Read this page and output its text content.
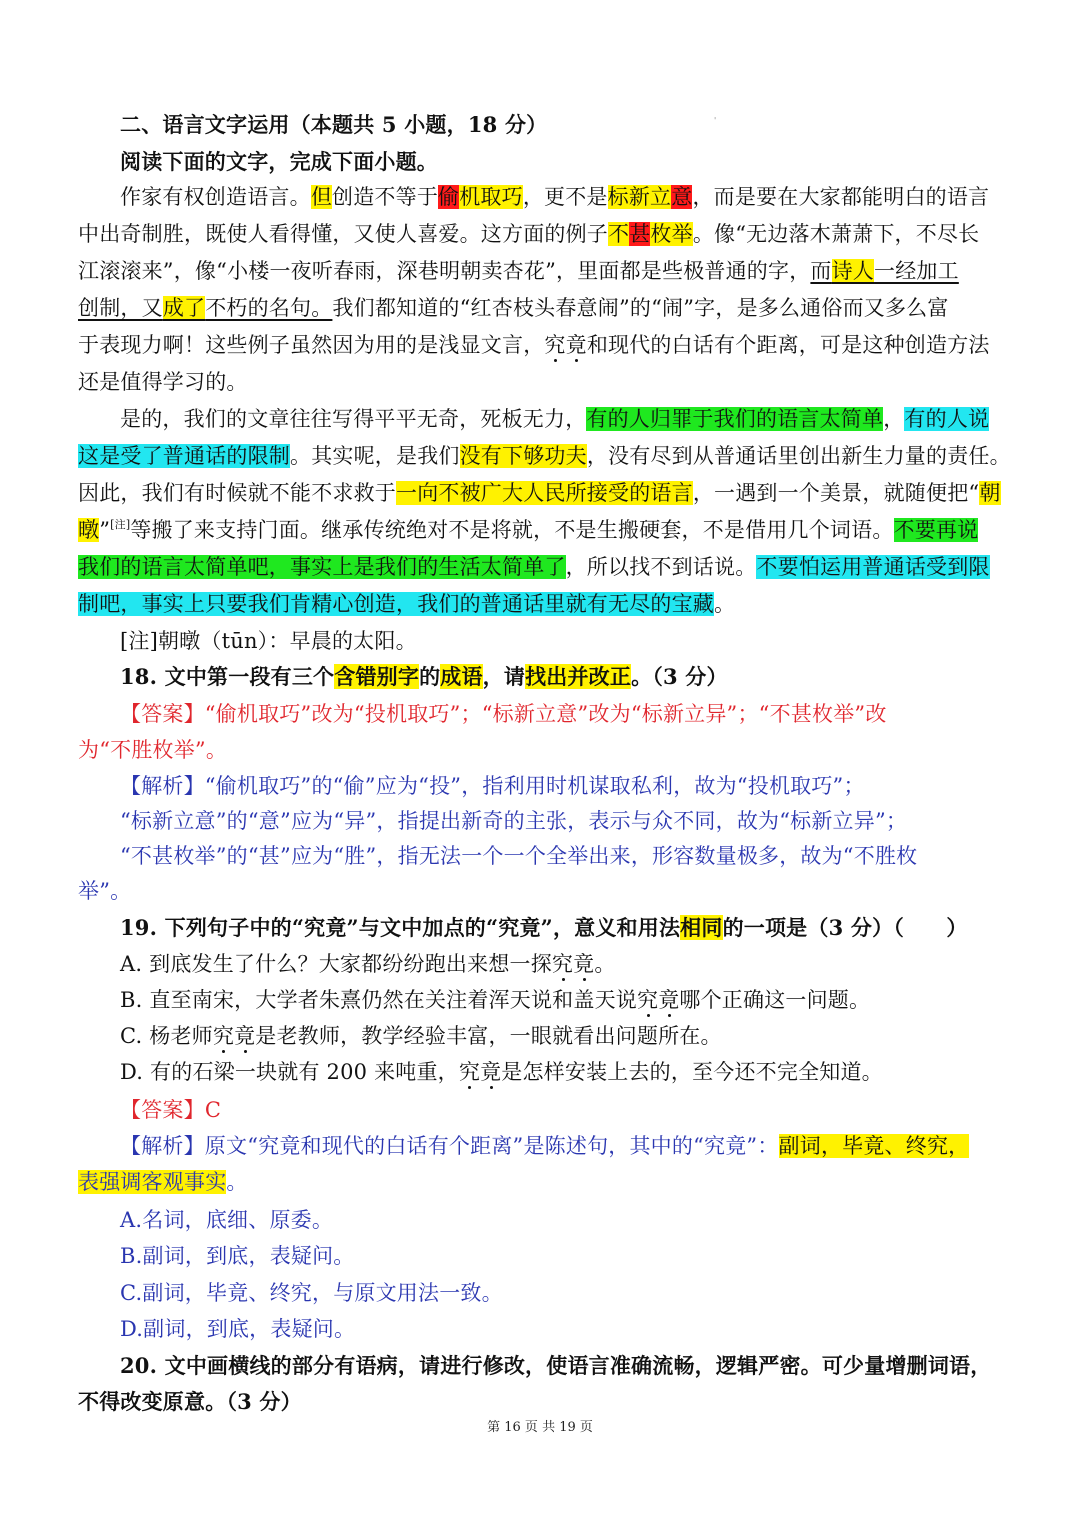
'
二、语言文字运用（本题共 5 小题，18 分）
阅读下面的文字，完成下面小题。
作家有权创造语言。但创造不等于偷机取巧，更不是标新立意，而是要在大家都能明白的语言
中出奇制胜，既使人看得懂，又使人喜爱。这方面的例子不甚枚举。像“无边落木萧萧下，不尽长
江滚滚来”，像“小楼一夜听春雨，深巷明朝卖杏花”，里面都是些极普通的字，而诗人一经加工
创制，又成了不朽的名句。我们都知道的“红杏枝头春意闹”的“闹”字，是多么通俗而又多么富
于表现力啊！这些例子虽然因为用的是浅显文言，究竟和现代的白话有个距离，可是这种创造方法
还是值得学习的。
是的，我们的文章往往写得平平无奇，死板无力，有的人归罪于我们的语言太简单，有的人说
这是受了普通话的限制。其实呢，是我们没有下够功夫，没有尽到从普通话里创出新生力量的责任。
因此，我们有时候就不能不求救于一向不被广大人民所接受的语言，一遇到一个美景，就随便把“朝
暾”[注]等搬了来支持门面。继承传统绝对不是将就，不是生搬硬套，不是借用几个词语。不要再说
我们的语言太简单吧，事实上是我们的生活太简单了，所以找不到话说。不要怕运用普通话受到限
制吧，事实上只要我们肯精心创造，我们的普通话里就有无尽的宝藏。
[注]朝暾（tūn）：早晨的太阳。
18. 文中第一段有三个含错别字的成语，请找出并改正。（3 分）
【答案】“偷机取巧”改为“投机取巧”；“标新立意”改为“标新立异”；“不甚枚举”改
为“不胜枚举”。
【解析】“偷机取巧”的“偷”应为“投”，指利用时机谋取私利，故为“投机取巧”；
“标新立意”的“意”应为“异”，指提出新奇的主张，表示与众不同，故为“标新立异”；
“不甚枚举”的“甚”应为“胜”，指无法一个一个全举出来，形容数量极多，故为“不胜枚
举”。
19. 下列句子中的“究竟”与文中加点的“究竟”，意义和用法相同的一项是（3 分）（　　）
A. 到底发生了什么？大家都纷纷跑出来想一探究竟。
B. 直至南宋，大学者朱熹仍然在关注着浑天说和盖天说究竟哪个正确这一问题。
C. 杨老师究竟是老教师，教学经验丰富，一眼就看出问题所在。
D. 有的石梁一块就有 200 来吨重，究竟是怎样安装上去的，至今还不完全知道。
【答案】C
【解析】原文“究竟和现代的白话有个距离”是陈述句，其中的“究竟”：副词，毕竟、终究，
表强调客观事实。
A.名词，底细、原委。
B.副词，到底，表疑问。
C.副词，毕竟、终究，与原文用法一致。
D.副词，到底，表疑问。
20. 文中画横线的部分有语病，请进行修改，使语言准确流畅，逻辑严密。可少量增删词语，
不得改变原意。（3 分）
第 16 页 共 19 页
